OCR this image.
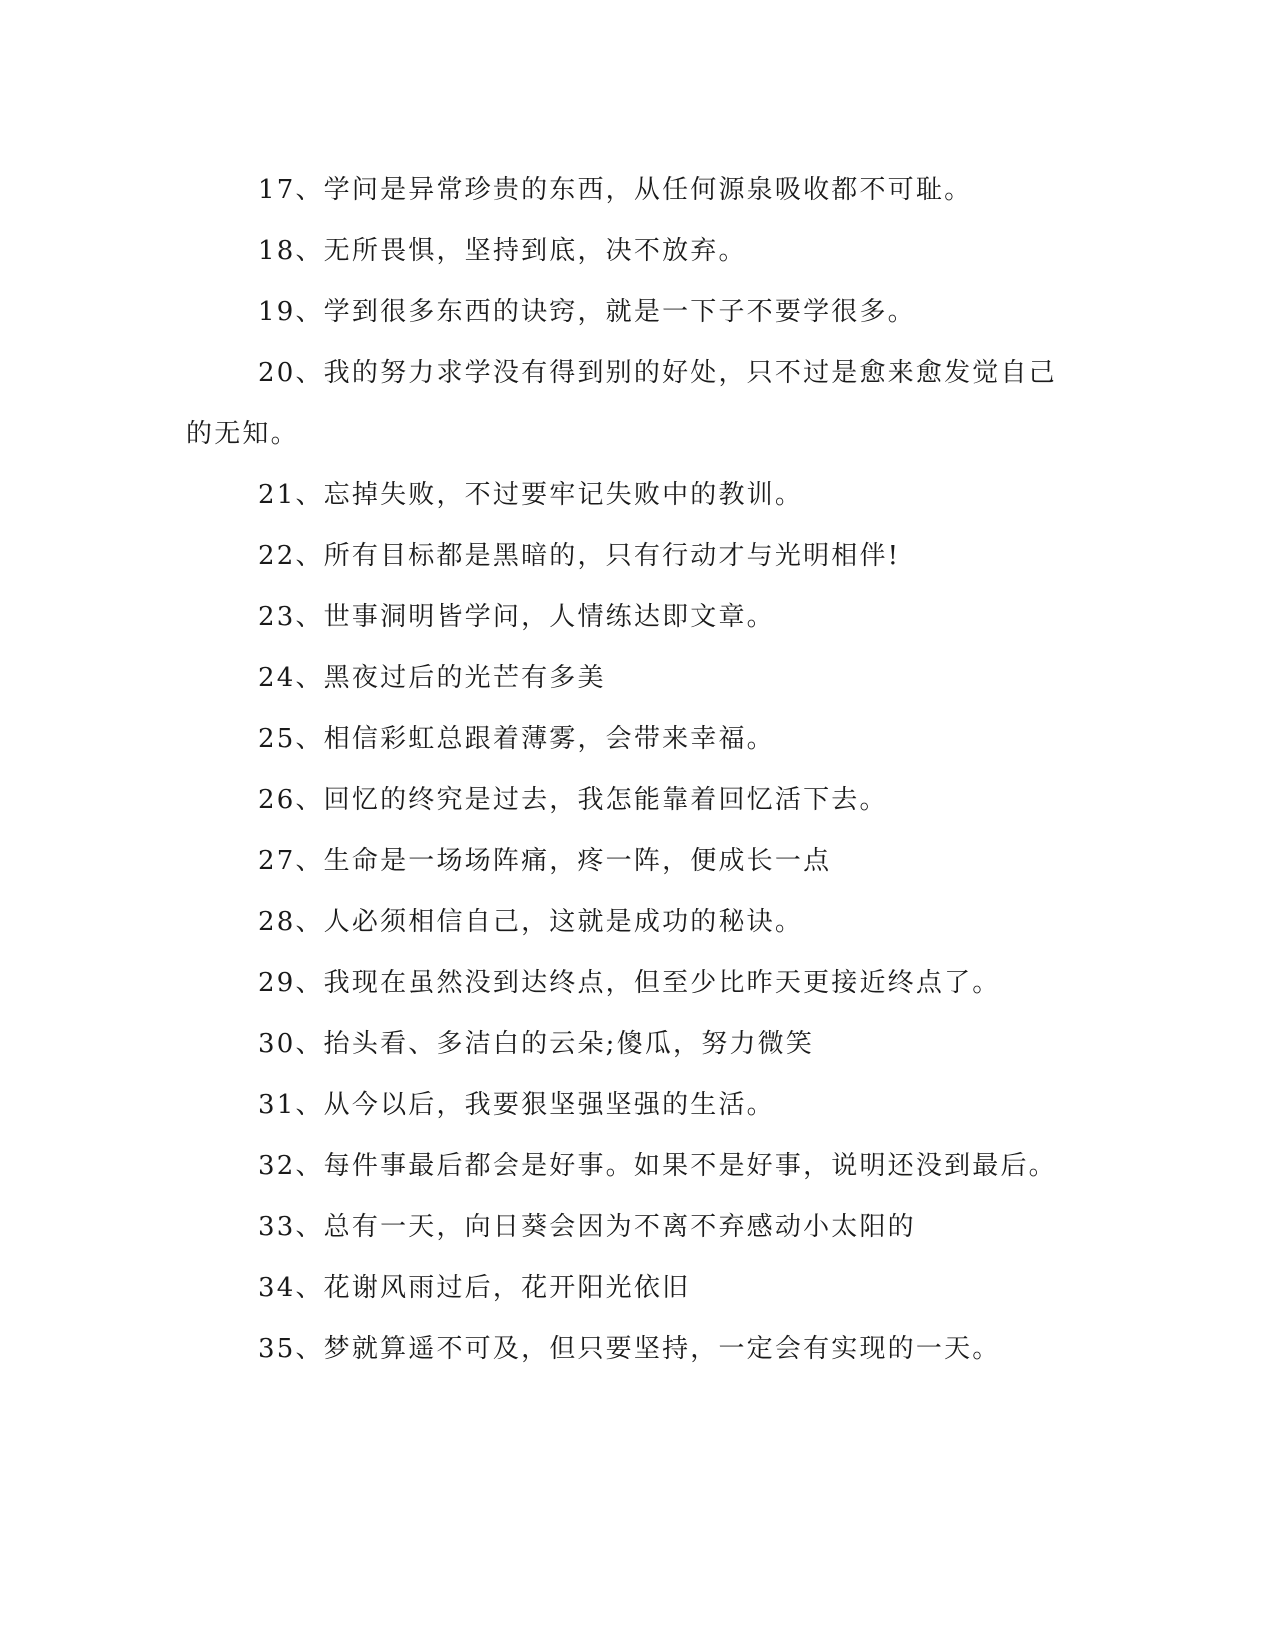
17、学问是异常珍贵的东西，从任何源泉吸收都不可耻。

18、无所畏惧，坚持到底，决不放弃。

19、学到很多东西的诀窍，就是一下子不要学很多。

20、我的努力求学没有得到别的好处，只不过是愈来愈发觉自己的无知。

21、忘掉失败，不过要牢记失败中的教训。

22、所有目标都是黑暗的，只有行动才与光明相伴!

23、世事洞明皆学问，人情练达即文章。

24、黑夜过后的光芒有多美

25、相信彩虹总跟着薄雾，会带来幸福。

26、回忆的终究是过去，我怎能靠着回忆活下去。

27、生命是一场场阵痛，疼一阵，便成长一点

28、人必须相信自己，这就是成功的秘诀。

29、我现在虽然没到达终点，但至少比昨天更接近终点了。

30、抬头看、多洁白的云朵;傻瓜，努力微笑

31、从今以后，我要狠坚强坚强的生活。

32、每件事最后都会是好事。如果不是好事，说明还没到最后。

33、总有一天，向日葵会因为不离不弃感动小太阳的

34、花谢风雨过后，花开阳光依旧

35、梦就算遥不可及，但只要坚持，一定会有实现的一天。
